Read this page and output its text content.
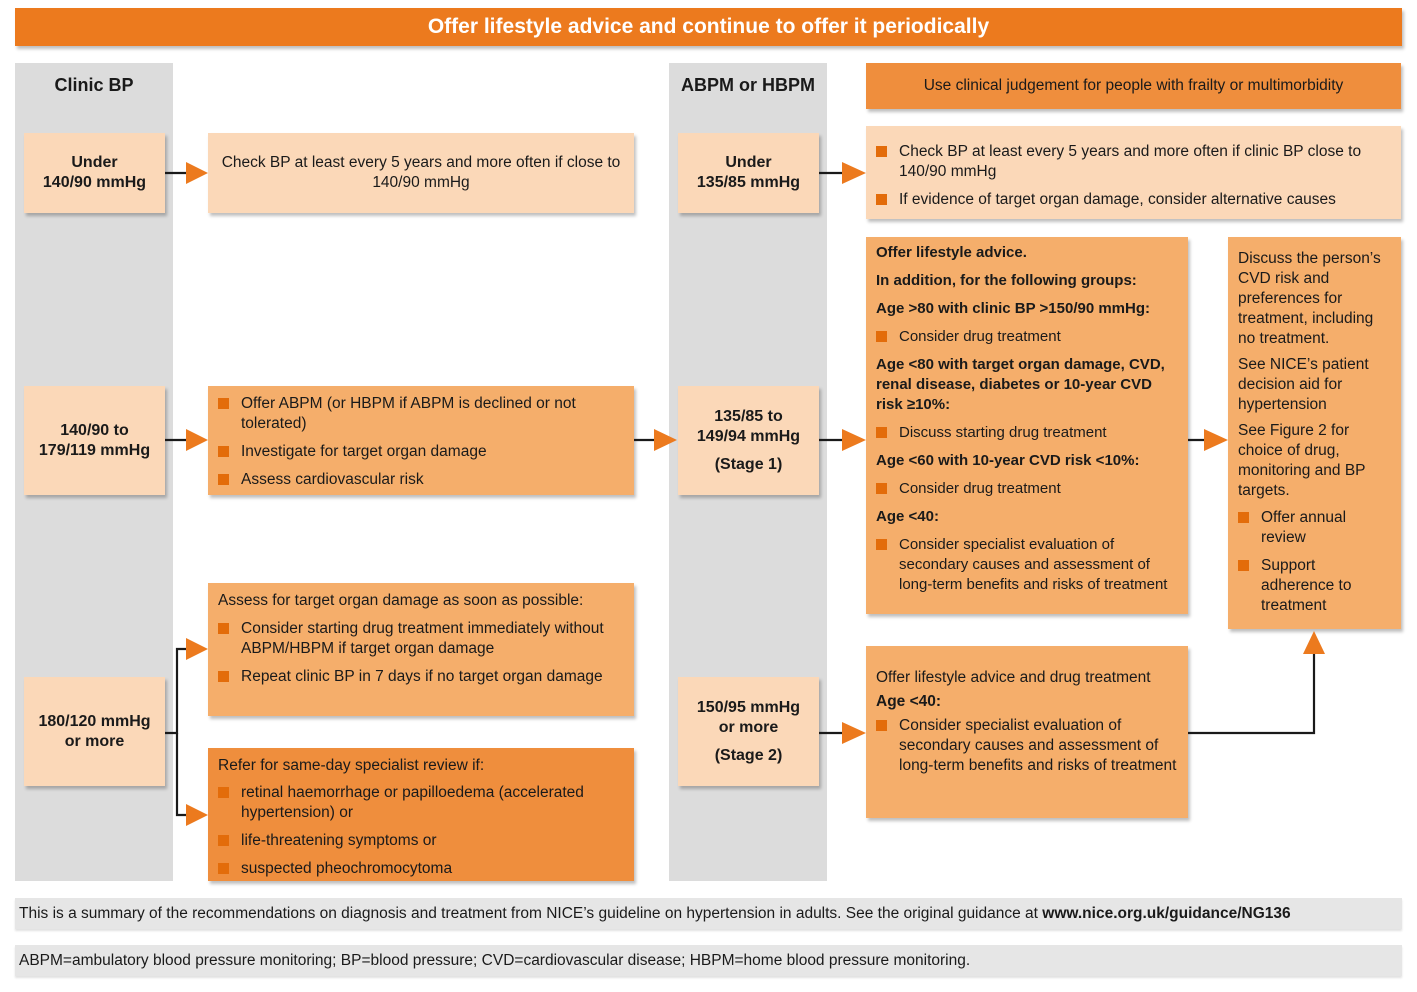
Offer lifestyle advice and continue to offer it periodically
Clinic BP	ABPM or HBPM	Use clinical judgement for people with frailty or multimorbidity
Under
140/90 mmHg
140/90 to
179/119 mmHg
180/120 mmHg
or more
Under
135/85 mmHg
135/85 to
149/94 mmHg
(Stage 1)
150/95 mmHg
or more
(Stage 2)
Check BP at least every 5 years and more often if close to 140/90 mmHg
Offer ABPM (or HBPM if ABPM is declined or not tolerated)
Investigate for target organ damage
Assess cardiovascular risk
Assess for target organ damage as soon as possible:
Consider starting drug treatment immediately without ABPM/HBPM if target organ damage
Repeat clinic BP in 7 days if no target organ damage
Refer for same-day specialist review if:
retinal haemorrhage or papilloedema (accelerated hypertension) or
life-threatening symptoms or
suspected pheochromocytoma
Check BP at least every 5 years and more often if clinic BP close to 140/90 mmHg
If evidence of target organ damage, consider alternative causes
Offer lifestyle advice.
In addition, for the following groups:
Age >80 with clinic BP >150/90 mmHg:
Consider drug treatment
Age <80 with target organ damage, CVD, renal disease, diabetes or 10-year CVD risk ≥10%:
Discuss starting drug treatment
Age <60 with 10-year CVD risk <10%:
Consider drug treatment
Age <40:
Consider specialist evaluation of secondary causes and assessment of long-term benefits and risks of treatment
Offer lifestyle advice and drug treatment
Age <40:
Consider specialist evaluation of secondary causes and assessment of long-term benefits and risks of treatment
Discuss the person’s CVD risk and preferences for treatment, including no treatment.
See NICE’s patient decision aid for hypertension
See Figure 2 for choice of drug, monitoring and BP targets.
Offer annual review
Support adherence to treatment
This is a summary of the recommendations on diagnosis and treatment from NICE’s guideline on hypertension in adults. See the original guidance at www.nice.org.uk/guidance/NG136
ABPM=ambulatory blood pressure monitoring; BP=blood pressure; CVD=cardiovascular disease; HBPM=home blood pressure monitoring.
